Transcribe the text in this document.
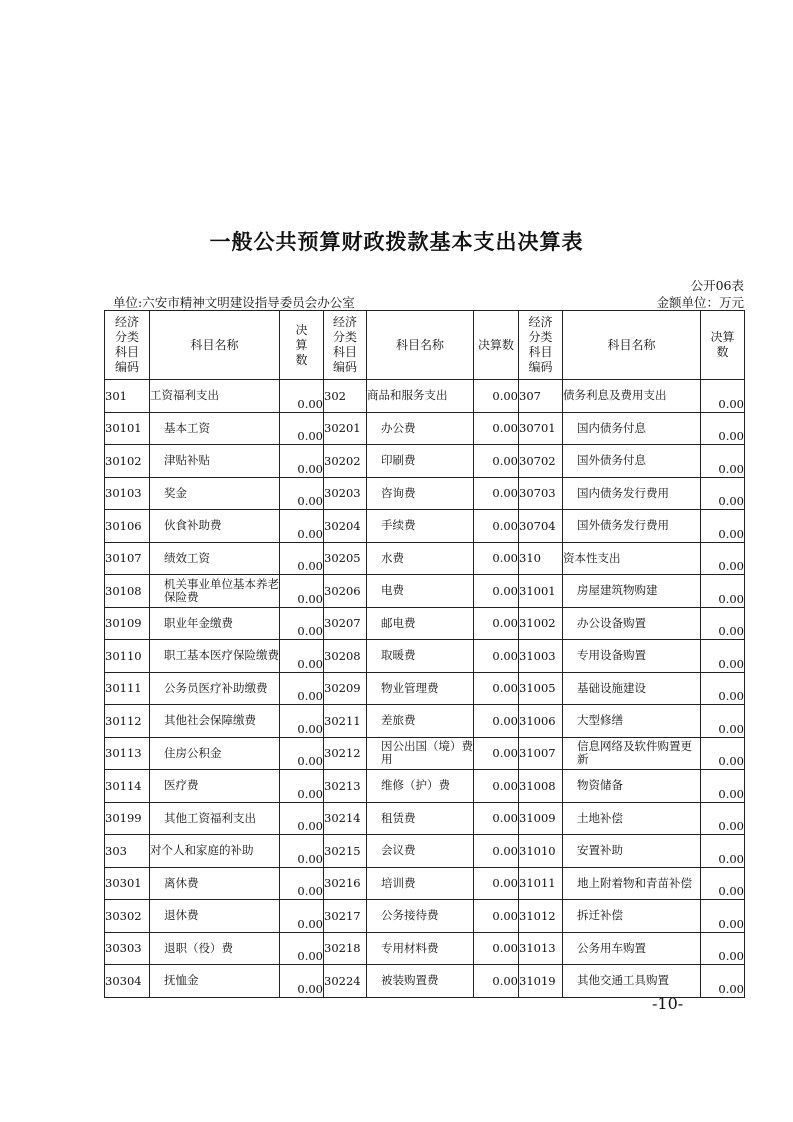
一般公共预算财政拨款基本支出决算表
公开06表
单位:六安市精神文明建设指导委员会办公室	金额单位：万元
经济分类科目编码	科目名称	决算数	经济分类科目编码	科目名称	决算数	经济分类科目编码	科目名称	决算数
301	工资福利支出	0.00	302	商品和服务支出	0.00	307	债务利息及费用支出	0.00
30101	基本工资	0.00	30201	办公费	0.00	30701	国内债务付息	0.00
30102	津贴补贴	0.00	30202	印刷费	0.00	30702	国外债务付息	0.00
30103	奖金	0.00	30203	咨询费	0.00	30703	国内债务发行费用	0.00
30106	伙食补助费	0.00	30204	手续费	0.00	30704	国外债务发行费用	0.00
30107	绩效工资	0.00	30205	水费	0.00	310	资本性支出	0.00
30108	机关事业单位基本养老保险费	0.00	30206	电费	0.00	31001	房屋建筑物购建	0.00
30109	职业年金缴费	0.00	30207	邮电费	0.00	31002	办公设备购置	0.00
30110	职工基本医疗保险缴费	0.00	30208	取暖费	0.00	31003	专用设备购置	0.00
30111	公务员医疗补助缴费	0.00	30209	物业管理费	0.00	31005	基础设施建设	0.00
30112	其他社会保障缴费	0.00	30211	差旅费	0.00	31006	大型修缮	0.00
30113	住房公积金	0.00	30212	因公出国（境）费用	0.00	31007	信息网络及软件购置更新	0.00
30114	医疗费	0.00	30213	维修（护）费	0.00	31008	物资储备	0.00
30199	其他工资福利支出	0.00	30214	租赁费	0.00	31009	土地补偿	0.00
303	对个人和家庭的补助	0.00	30215	会议费	0.00	31010	安置补助	0.00
30301	离休费	0.00	30216	培训费	0.00	31011	地上附着物和青苗补偿	0.00
30302	退休费	0.00	30217	公务接待费	0.00	31012	拆迁补偿	0.00
30303	退职（役）费	0.00	30218	专用材料费	0.00	31013	公务用车购置	0.00
30304	抚恤金	0.00	30224	被装购置费	0.00	31019	其他交通工具购置	0.00
-10-
